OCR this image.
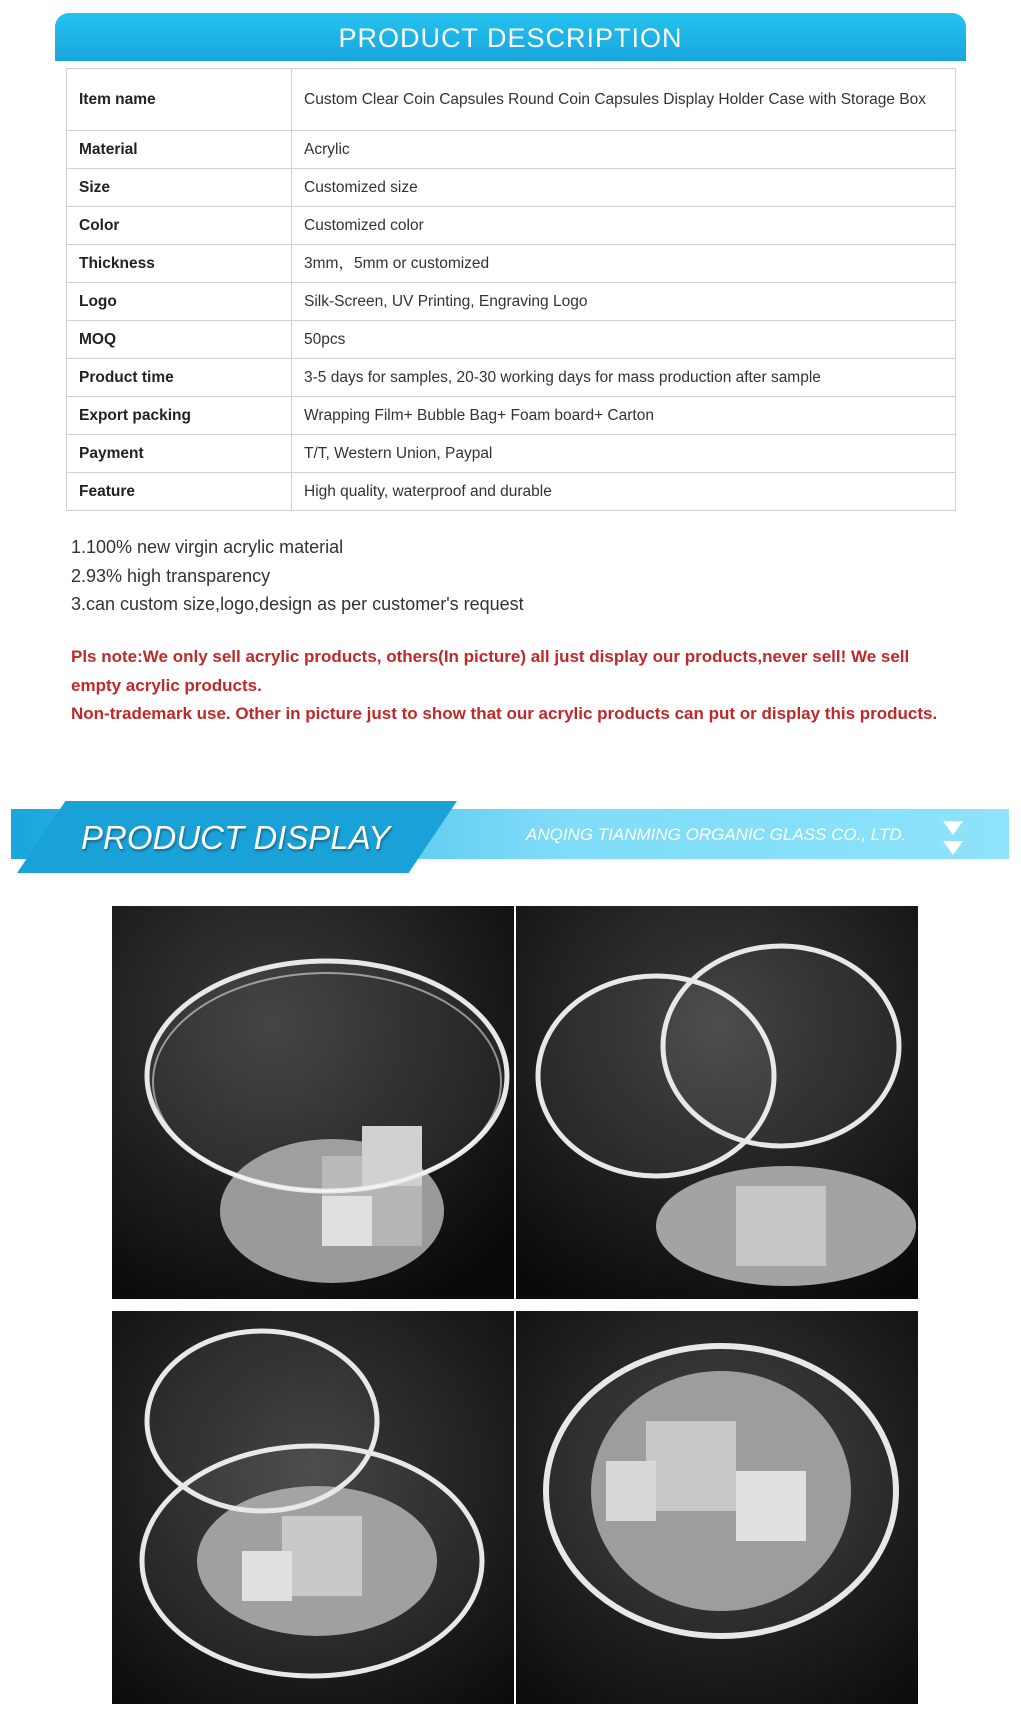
PRODUCT DESCRIPTION
Item name	Custom Clear Coin Capsules Round Coin Capsules Display Holder Case with Storage Box
Material	Acrylic
Size	Customized size
Color	Customized color
Thickness	3mm，5mm or customized
Logo	Silk-Screen, UV Printing, Engraving Logo
MOQ	50pcs
Product time	3-5 days for samples, 20-30 working days for mass production after sample
Export packing	Wrapping Film+ Bubble Bag+ Foam board+ Carton
Payment	T/T, Western Union, Paypal
Feature	High quality, waterproof and durable
1.100% new virgin acrylic material
2.93% high transparency
3.can custom size,logo,design as per customer's request
Pls note:We only sell acrylic products, others(In picture) all just display our products,never sell! We sell empty acrylic products.
Non-trademark use. Other in picture just to show that our acrylic products can put or display this products.
PRODUCT DISPLAY	ANQING TIANMING ORGANIC GLASS CO., LTD.
